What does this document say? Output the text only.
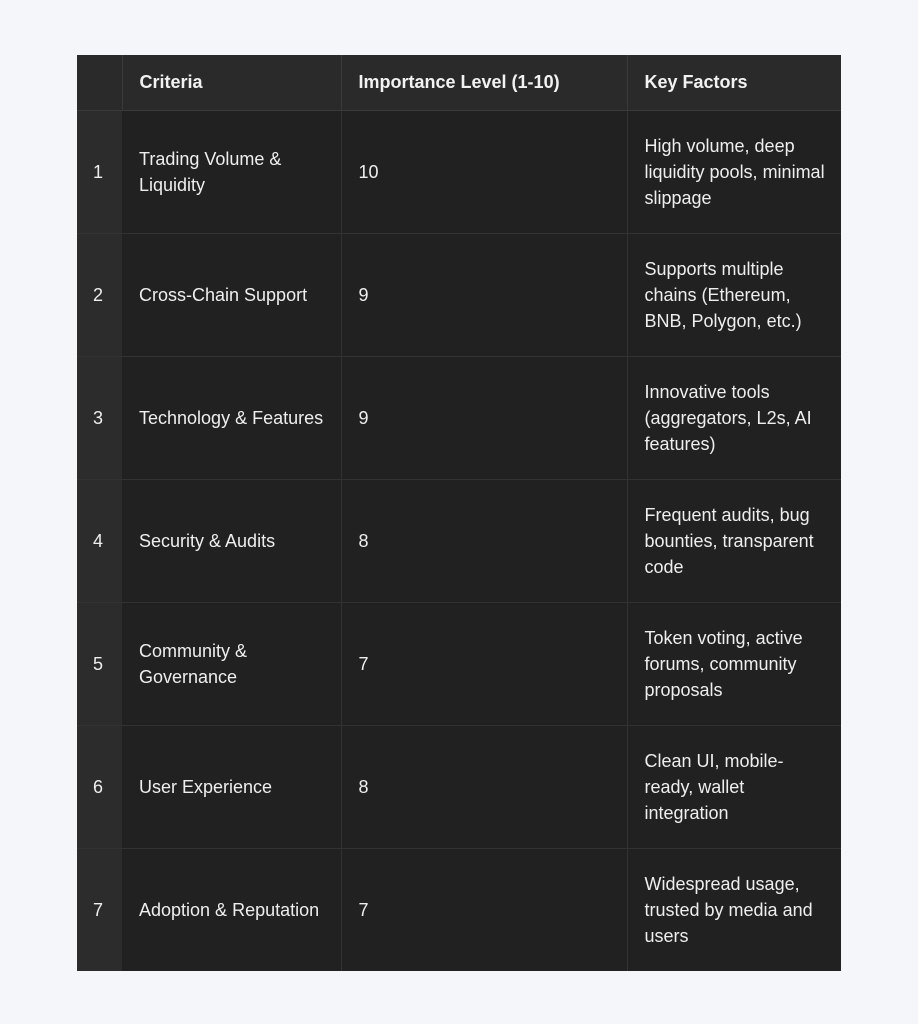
	Criteria	Importance Level (1-10)	Key Factors
1	Trading Volume & Liquidity	10	High volume, deep liquidity pools, minimal slippage
2	Cross-Chain Support	9	Supports multiple chains (Ethereum, BNB, Polygon, etc.)
3	Technology & Features	9	Innovative tools (aggregators, L2s, AI features)
4	Security & Audits	8	Frequent audits, bug bounties, transparent code
5	Community & Governance	7	Token voting, active forums, community proposals
6	User Experience	8	Clean UI, mobile-ready, wallet integration
7	Adoption & Reputation	7	Widespread usage, trusted by media and users
